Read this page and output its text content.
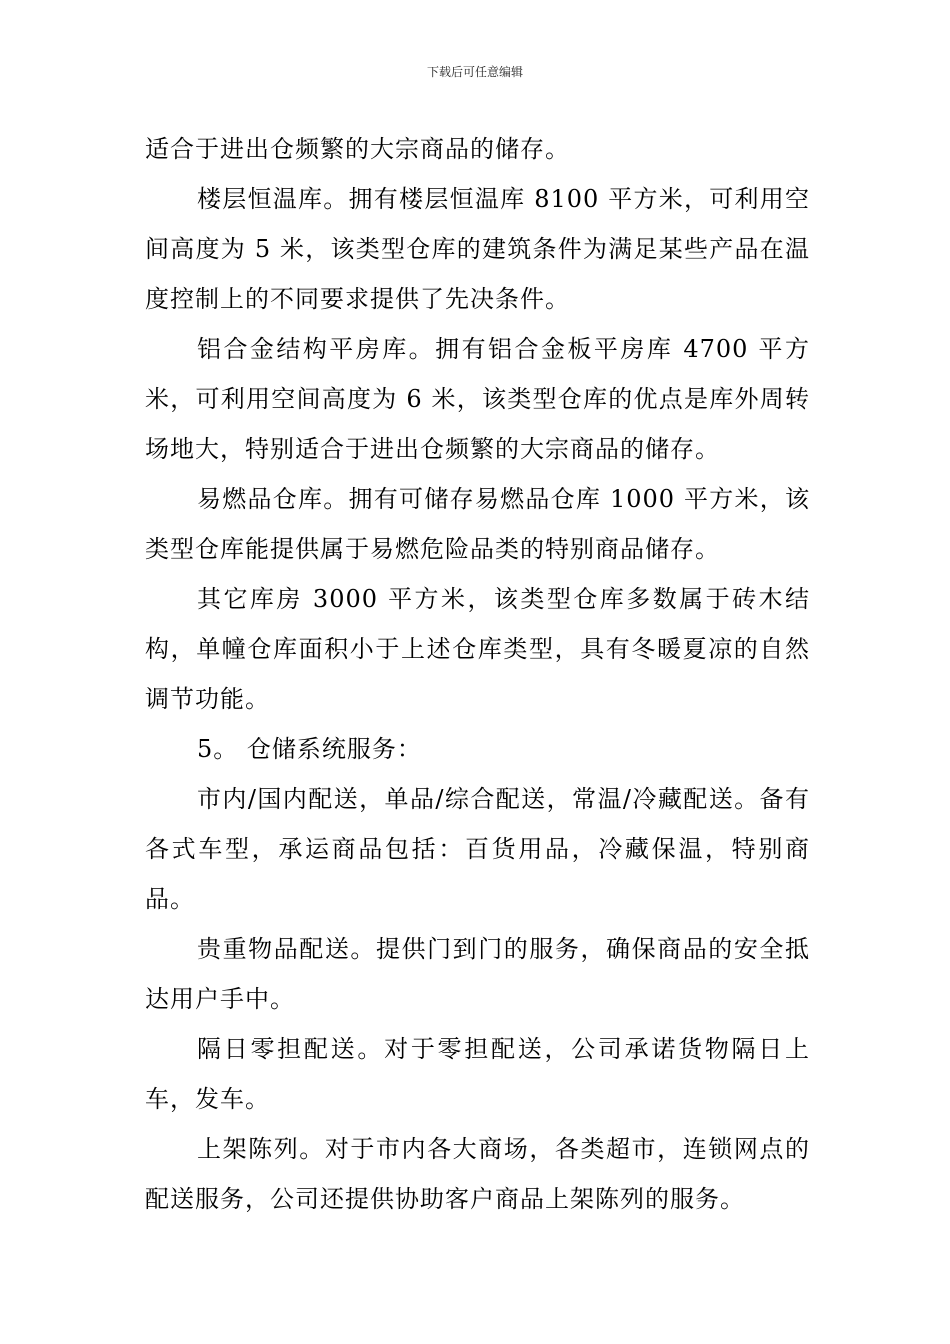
下载后可任意编辑

适合于进出仓频繁的大宗商品的储存。

楼层恒温库。拥有楼层恒温库 8100 平方米，可利用空间高度为 5 米，该类型仓库的建筑条件为满足某些产品在温度控制上的不同要求提供了先决条件。

铝合金结构平房库。拥有铝合金板平房库 4700 平方米，可利用空间高度为 6 米，该类型仓库的优点是库外周转场地大，特别适合于进出仓频繁的大宗商品的储存。

易燃品仓库。拥有可储存易燃品仓库 1000 平方米，该类型仓库能提供属于易燃危险品类的特别商品储存。

其它库房 3000 平方米，该类型仓库多数属于砖木结构，单幢仓库面积小于上述仓库类型，具有冬暖夏凉的自然调节功能。

5。 仓储系统服务：

市内/国内配送，单品/综合配送，常温/冷藏配送。备有各式车型，承运商品包括：百货用品，冷藏保温，特别商品。

贵重物品配送。提供门到门的服务，确保商品的安全抵达用户手中。

隔日零担配送。对于零担配送，公司承诺货物隔日上车，发车。

上架陈列。对于市内各大商场，各类超市，连锁网点的配送服务，公司还提供协助客户商品上架陈列的服务。
